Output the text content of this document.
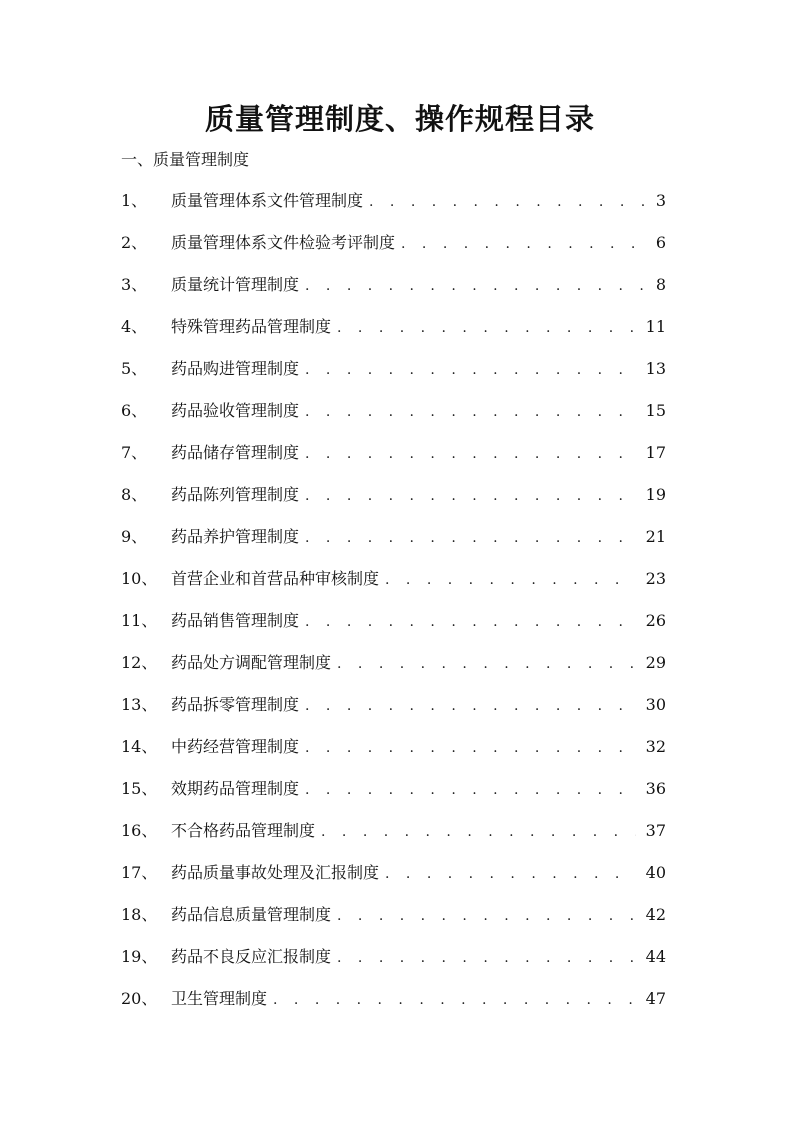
质量管理制度、操作规程目录
一、质量管理制度
1、	质量管理体系文件管理制度 . . .	3
2、	质量管理体系文件检验考评制度 . . .	6
3、	质量统计管理制度 . . .	8
4、	特殊管理药品管理制度 . . .	11
5、	药品购进管理制度 . . .	13
6、	药品验收管理制度 . . .	15
7、	药品储存管理制度 . . .	17
8、	药品陈列管理制度 . . .	19
9、	药品养护管理制度 . . .	21
10、 首营企业和首营品种审核制度 . . .	23
11、 药品销售管理制度 . . .	26
12、 药品处方调配管理制度 . . .	29
13、 药品拆零管理制度 . . .	30
14、 中药经营管理制度 . . .	32
15、 效期药品管理制度 . . .	36
16、 不合格药品管理制度 . . .	37
17、 药品质量事故处理及汇报制度 . . .	40
18、 药品信息质量管理制度 . . .	42
19、 药品不良反应汇报制度 . . .	44
20、 卫生管理制度 . . .	47
